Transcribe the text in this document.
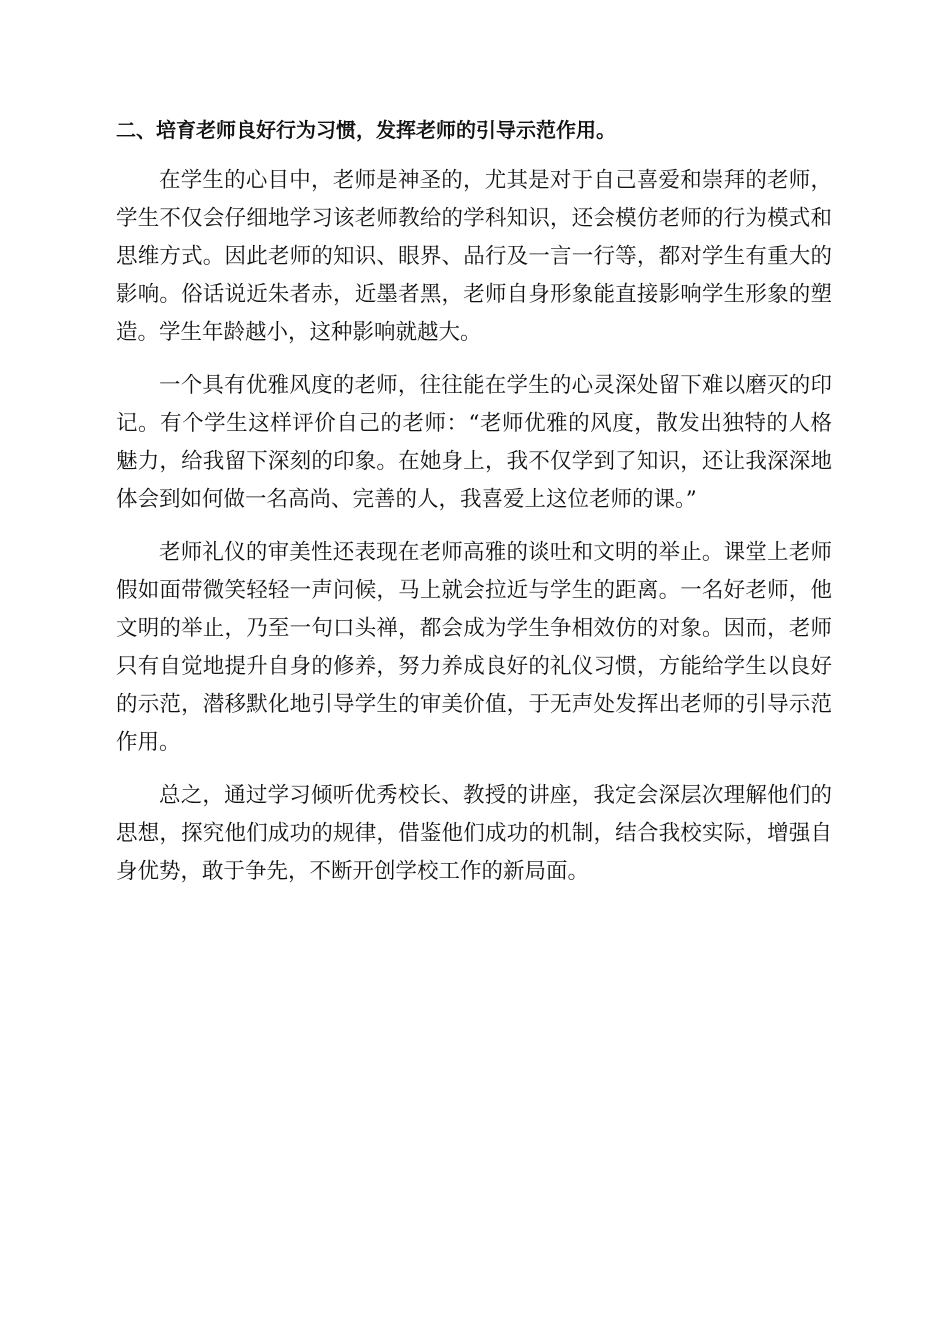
二、培育老师良好行为习惯，发挥老师的引导示范作用。

在学生的心目中，老师是神圣的，尤其是对于自己喜爱和崇拜的老师，学生不仅会仔细地学习该老师教给的学科知识，还会模仿老师的行为模式和思维方式。因此老师的知识、眼界、品行及一言一行等，都对学生有重大的影响。俗话说近朱者赤，近墨者黑，老师自身形象能直接影响学生形象的塑造。学生年龄越小，这种影响就越大。

一个具有优雅风度的老师，往往能在学生的心灵深处留下难以磨灭的印记。有个学生这样评价自己的老师：“老师优雅的风度，散发出独特的人格魅力，给我留下深刻的印象。在她身上，我不仅学到了知识，还让我深深地体会到如何做一名高尚、完善的人，我喜爱上这位老师的课。”

老师礼仪的审美性还表现在老师高雅的谈吐和文明的举止。课堂上老师假如面带微笑轻轻一声问候，马上就会拉近与学生的距离。一名好老师，他文明的举止，乃至一句口头禅，都会成为学生争相效仿的对象。因而，老师只有自觉地提升自身的修养，努力养成良好的礼仪习惯，方能给学生以良好的示范，潜移默化地引导学生的审美价值，于无声处发挥出老师的引导示范作用。

总之，通过学习倾听优秀校长、教授的讲座，我定会深层次理解他们的思想，探究他们成功的规律，借鉴他们成功的机制，结合我校实际，增强自身优势，敢于争先，不断开创学校工作的新局面。
